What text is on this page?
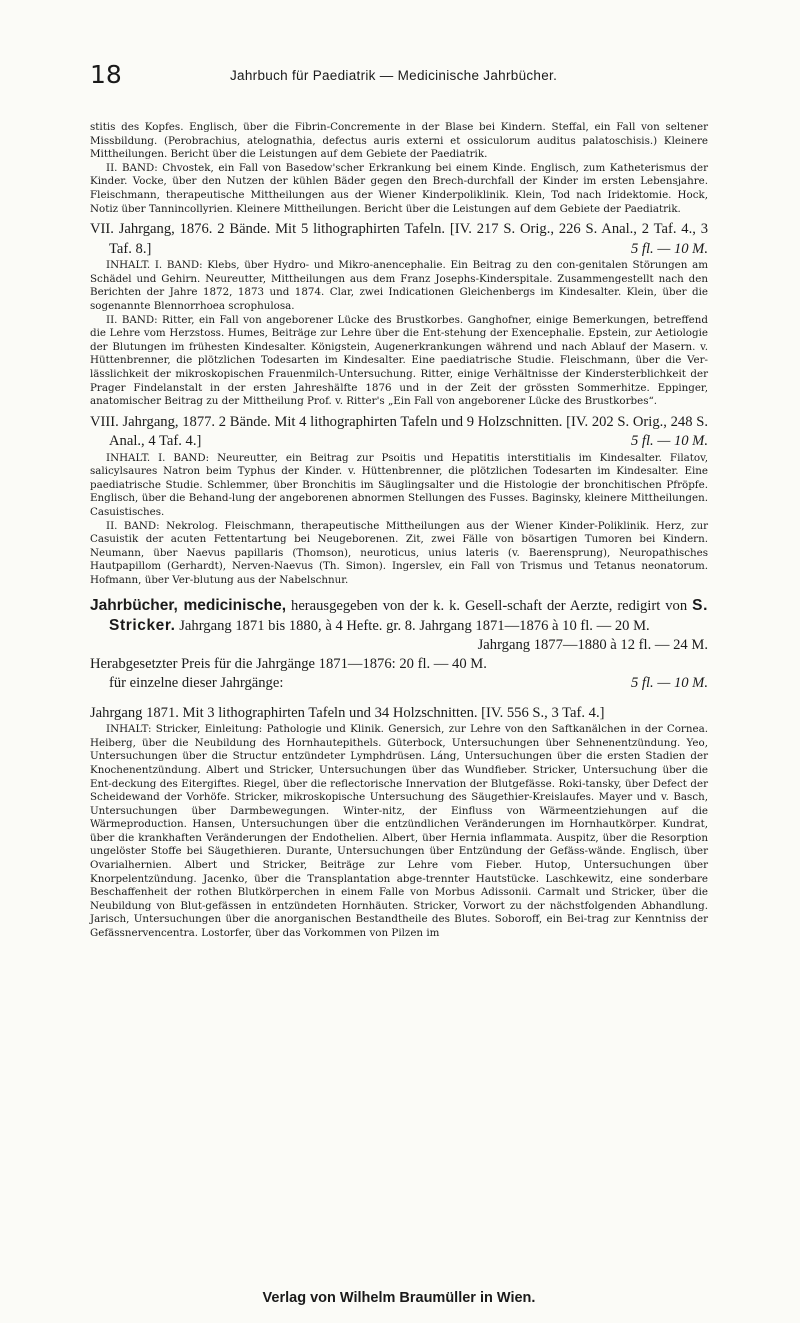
18	Jahrbuch für Paediatrik — Medicinische Jahrbücher.

stitis des Kopfes. Englisch, über die Fibrin-Concremente in der Blase bei Kindern. Steffal, ein Fall von seltener Missbildung. (Perobrachius, atelognathia, defectus auris externi et ossiculorum auditus palatoschisis.) Kleinere Mittheilungen. Bericht über die Leistungen auf dem Gebiete der Paediatrik.

II. BAND: Chvostek, ein Fall von Basedow'scher Erkrankung bei einem Kinde. Englisch, zum Katheterismus der Kinder. Vocke, über den Nutzen der kühlen Bäder gegen den Brech-durchfall der Kinder im ersten Lebensjahre. Fleischmann, therapeutische Mittheilungen aus der Wiener Kinderpoliklinik. Klein, Tod nach Iridektomie. Hock, Notiz über Tannincollyrien. Kleinere Mittheilungen. Bericht über die Leistungen auf dem Gebiete der Paediatrik.

VII. Jahrgang, 1876. 2 Bände. Mit 5 lithographirten Tafeln. [IV. 217 S. Orig., 226 S. Anal., 2 Taf. 4., 3 Taf. 8.]	5 fl. — 10 M.

INHALT. I. BAND: Klebs, über Hydro- und Mikro-anencephalie. Ein Beitrag zu den con-genitalen Störungen am Schädel und Gehirn. Neureutter, Mittheilungen aus dem Franz Josephs-Kinderspitale. Zusammengestellt nach den Berichten der Jahre 1872, 1873 und 1874. Clar, zwei Indicationen Gleichenbergs im Kindesalter. Klein, über die sogenannte Blennorrhoea scrophulosa.

II. BAND: Ritter, ein Fall von angeborener Lücke des Brustkorbes. Ganghofner, einige Bemerkungen, betreffend die Lehre vom Herzstoss. Humes, Beiträge zur Lehre über die Ent-stehung der Exencephalie. Epstein, zur Aetiologie der Blutungen im frühesten Kindesalter. Königstein, Augenerkrankungen während und nach Ablauf der Masern. v. Hüttenbrenner, die plötzlichen Todesarten im Kindesalter. Eine paediatrische Studie. Fleischmann, über die Ver-lässlichkeit der mikroskopischen Frauenmilch-Untersuchung. Ritter, einige Verhältnisse der Kindersterblichkeit der Prager Findelanstalt in der ersten Jahreshälfte 1876 und in der Zeit der grössten Sommerhitze. Eppinger, anatomischer Beitrag zu der Mittheilung Prof. v. Ritter's „Ein Fall von angeborener Lücke des Brustkorbes“.

VIII. Jahrgang, 1877. 2 Bände. Mit 4 lithographirten Tafeln und 9 Holzschnitten. [IV. 202 S. Orig., 248 S. Anal., 4 Taf. 4.]	5 fl. — 10 M.

INHALT. I. BAND: Neureutter, ein Beitrag zur Psoitis und Hepatitis interstitialis im Kindesalter. Filatov, salicylsaures Natron beim Typhus der Kinder. v. Hüttenbrenner, die plötzlichen Todesarten im Kindesalter. Eine paediatrische Studie. Schlemmer, über Bronchitis im Säuglingsalter und die Histologie der bronchitischen Pfröpfe. Englisch, über die Behand-lung der angeborenen abnormen Stellungen des Fusses. Baginsky, kleinere Mittheilungen. Casuistisches.

II. BAND: Nekrolog. Fleischmann, therapeutische Mittheilungen aus der Wiener Kinder-Poliklinik. Herz, zur Casuistik der acuten Fettentartung bei Neugeborenen. Zit, zwei Fälle von bösartigen Tumoren bei Kindern. Neumann, über Naevus papillaris (Thomson), neuroticus, unius lateris (v. Baerensprung), Neuropathisches Hautpapillom (Gerhardt), Nerven-Naevus (Th. Simon). Ingerslev, ein Fall von Trismus und Tetanus neonatorum. Hofmann, über Ver-blutung aus der Nabelschnur.

Jahrbücher, medicinische, herausgegeben von der k. k. Gesell-schaft der Aerzte, redigirt von S. Stricker. Jahrgang 1871 bis 1880, à 4 Hefte. gr. 8. Jahrgang 1871—1876 à 10 fl. — 20 M.

Jahrgang 1877—1880 à 12 fl. — 24 M.

Herabgesetzter Preis für die Jahrgänge 1871—1876: 20 fl. — 40 M.

für einzelne dieser Jahrgänge:	5 fl. — 10 M.

Jahrgang 1871. Mit 3 lithographirten Tafeln und 34 Holzschnitten. [IV. 556 S., 3 Taf. 4.]

INHALT: Stricker, Einleitung: Pathologie und Klinik. Genersich, zur Lehre von den Saftkanälchen in der Cornea. Heiberg, über die Neubildung des Hornhautepithels. Güterbock, Untersuchungen über Sehnenentzündung. Yeo, Untersuchungen über die Structur entzündeter Lymphdrüsen. Láng, Untersuchungen über die ersten Stadien der Knochenentzündung. Albert und Stricker, Untersuchungen über das Wundfieber. Stricker, Untersuchung über die Ent-deckung des Eitergiftes. Riegel, über die reflectorische Innervation der Blutgefässe. Roki-tansky, über Defect der Scheidewand der Vorhöfe. Stricker, mikroskopische Untersuchung des Säugethier-Kreislaufes. Mayer und v. Basch, Untersuchungen über Darmbewegungen. Winter-nitz, der Einfluss von Wärmeentziehungen auf die Wärmeproduction. Hansen, Untersuchungen über die entzündlichen Veränderungen im Hornhautkörper. Kundrat, über die krankhaften Veränderungen der Endothelien. Albert, über Hernia inflammata. Auspitz, über die Resorption ungelöster Stoffe bei Säugethieren. Durante, Untersuchungen über Entzündung der Gefäss-wände. Englisch, über Ovarialhernien. Albert und Stricker, Beiträge zur Lehre vom Fieber. Hutop, Untersuchungen über Knorpelentzündung. Jacenko, über die Transplantation abge-trennter Hautstücke. Laschkewitz, eine sonderbare Beschaffenheit der rothen Blutkörperchen in einem Falle von Morbus Adissonii. Carmalt und Stricker, über die Neubildung von Blut-gefässen in entzündeten Hornhäuten. Stricker, Vorwort zu der nächstfolgenden Abhandlung. Jarisch, Untersuchungen über die anorganischen Bestandtheile des Blutes. Soboroff, ein Bei-trag zur Kenntniss der Gefässnervencentra. Lostorfer, über das Vorkommen von Pilzen im

Verlag von Wilhelm Braumüller in Wien.
